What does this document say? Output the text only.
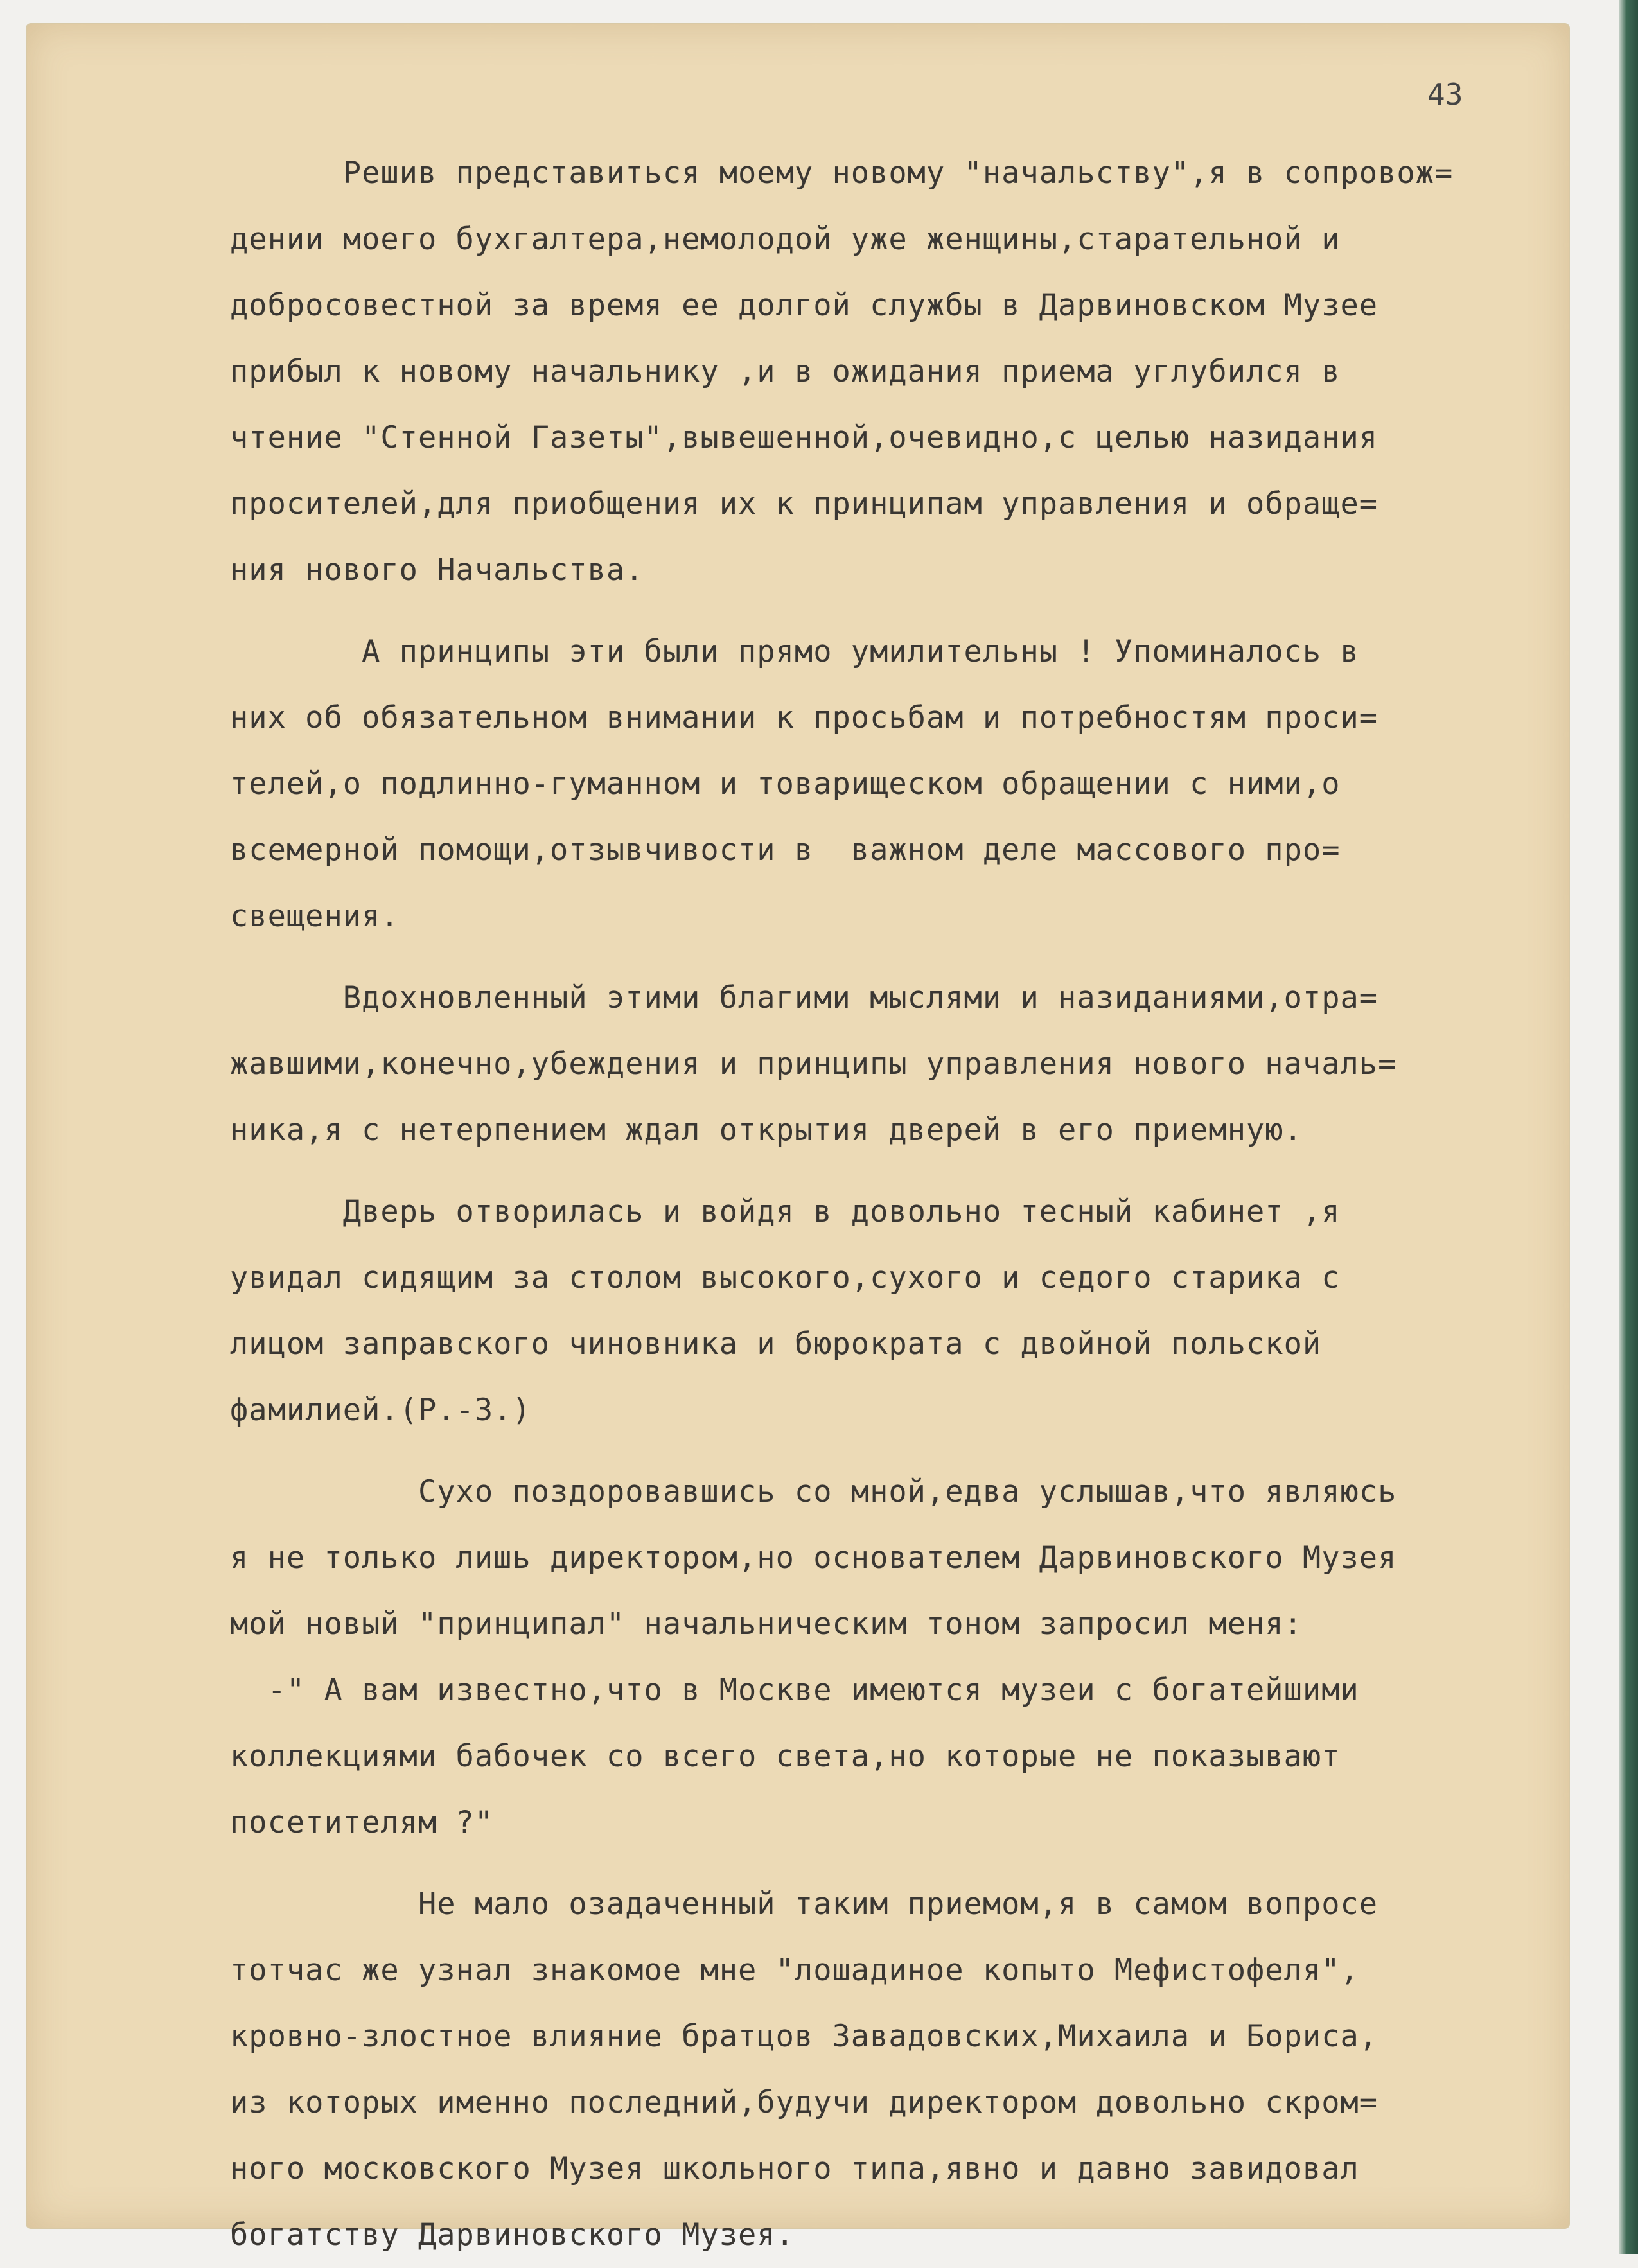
43
Решив представиться моему новому "начальству",я в сопровож=
дении моего бухгалтера,немолодой уже женщины,старательной и
добросовестной за время ее долгой службы в Дарвиновском Музее
прибыл к новому начальнику ,и в ожидания приема углубился в
чтение "Стенной Газеты",вывешенной,очевидно,с целью назидания
просителей,для приобщения их к принципам управления и обраще=
ния нового Начальства.
А принципы эти были прямо умилительны ! Упоминалось в
них об обязательном внимании к просьбам и потребностям проси=
телей,о подлинно-гуманном и товарищеском обращении с ними,о
всемерной помощи,отзывчивости в  важном деле массового про=
свещения.
Вдохновленный этими благими мыслями и назиданиями,отра=
жавшими,конечно,убеждения и принципы управления нового началь=
ника,я с нетерпением ждал открытия дверей в его приемную.
Дверь отворилась и войдя в довольно тесный кабинет ,я
увидал сидящим за столом высокого,сухого и седого старика с
лицом заправского чиновника и бюрократа с двойной польской
фамилией.(Р.-З.)
Сухо поздоровавшись со мной,едва услышав,что являюсь
я не только лишь директором,но основателем Дарвиновского Музея
мой новый "принципал" начальническим тоном запросил меня:
-" А вам известно,что в Москве имеются музеи с богатейшими
коллекциями бабочек со всего света,но которые не показывают
посетителям ?"
Не мало озадаченный таким приемом,я в самом вопросе
тотчас же узнал знакомое мне "лошадиное копыто Мефистофеля",
кровно-злостное влияние братцов Завадовских,Михаила и Бориса,
из которых именно последний,будучи директором довольно скром=
ного московского Музея школьного типа,явно и давно завидовал
богатству Дарвиновского Музея.
